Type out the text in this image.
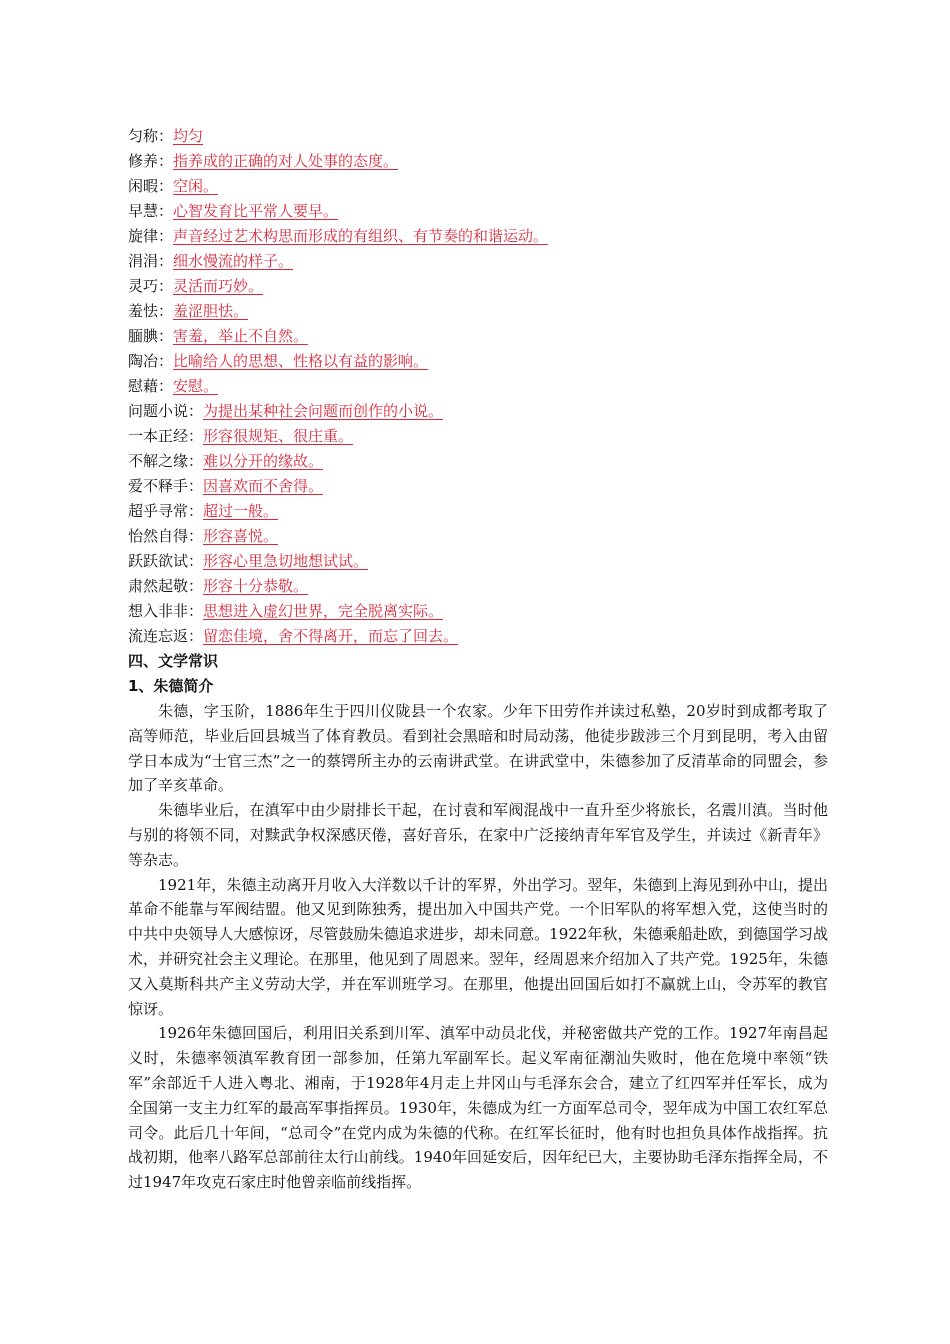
匀称：均匀
修养：指养成的正确的对人处事的态度。
闲暇：空闲。
早慧：心智发育比平常人要早。
旋律：声音经过艺术构思而形成的有组织、有节奏的和谐运动。
涓涓：细水慢流的样子。
灵巧：灵活而巧妙。
羞怯：羞涩胆怯。
腼腆：害羞，举止不自然。
陶冶：比喻给人的思想、性格以有益的影响。
慰藉：安慰。
问题小说：为提出某种社会问题而创作的小说。
一本正经：形容很规矩、很庄重。
不解之缘：难以分开的缘故。
爱不释手：因喜欢而不舍得。
超乎寻常：超过一般。
怡然自得：形容喜悦。
跃跃欲试：形容心里急切地想试试。
肃然起敬：形容十分恭敬。
想入非非：思想进入虚幻世界，完全脱离实际。
流连忘返：留恋佳境，舍不得离开，而忘了回去。
四、文学常识
1、朱德简介

朱德，字玉阶，1886年生于四川仪陇县一个农家。少年下田劳作并读过私塾，20岁时到成都考取了高等师范，毕业后回县城当了体育教员。看到社会黑暗和时局动荡，他徒步跋涉三个月到昆明，考入由留学日本成为“士官三杰”之一的蔡锷所主办的云南讲武堂。在讲武堂中，朱德参加了反清革命的同盟会，参加了辛亥革命。

朱德毕业后，在滇军中由少尉排长干起，在讨袁和军阀混战中一直升至少将旅长，名震川滇。当时他与别的将领不同，对黩武争权深感厌倦，喜好音乐，在家中广泛接纳青年军官及学生，并读过《新青年》等杂志。

1921年，朱德主动离开月收入大洋数以千计的军界，外出学习。翌年，朱德到上海见到孙中山，提出革命不能靠与军阀结盟。他又见到陈独秀，提出加入中国共产党。一个旧军队的将军想入党，这使当时的中共中央领导人大感惊讶，尽管鼓励朱德追求进步，却未同意。1922年秋，朱德乘船赴欧，到德国学习战术，并研究社会主义理论。在那里，他见到了周恩来。翌年，经周恩来介绍加入了共产党。1925年，朱德又入莫斯科共产主义劳动大学，并在军训班学习。在那里，他提出回国后如打不赢就上山，令苏军的教官惊讶。

1926年朱德回国后，利用旧关系到川军、滇军中动员北伐，并秘密做共产党的工作。1927年南昌起义时，朱德率领滇军教育团一部参加，任第九军副军长。起义军南征潮汕失败时，他在危境中率领“铁军”余部近千人进入粤北、湘南，于1928年4月走上井冈山与毛泽东会合，建立了红四军并任军长，成为全国第一支主力红军的最高军事指挥员。1930年，朱德成为红一方面军总司令，翌年成为中国工农红军总司令。此后几十年间，“总司令”在党内成为朱德的代称。在红军长征时，他有时也担负具体作战指挥。抗战初期，他率八路军总部前往太行山前线。1940年回延安后，因年纪已大，主要协助毛泽东指挥全局，不过1947年攻克石家庄时他曾亲临前线指挥。
